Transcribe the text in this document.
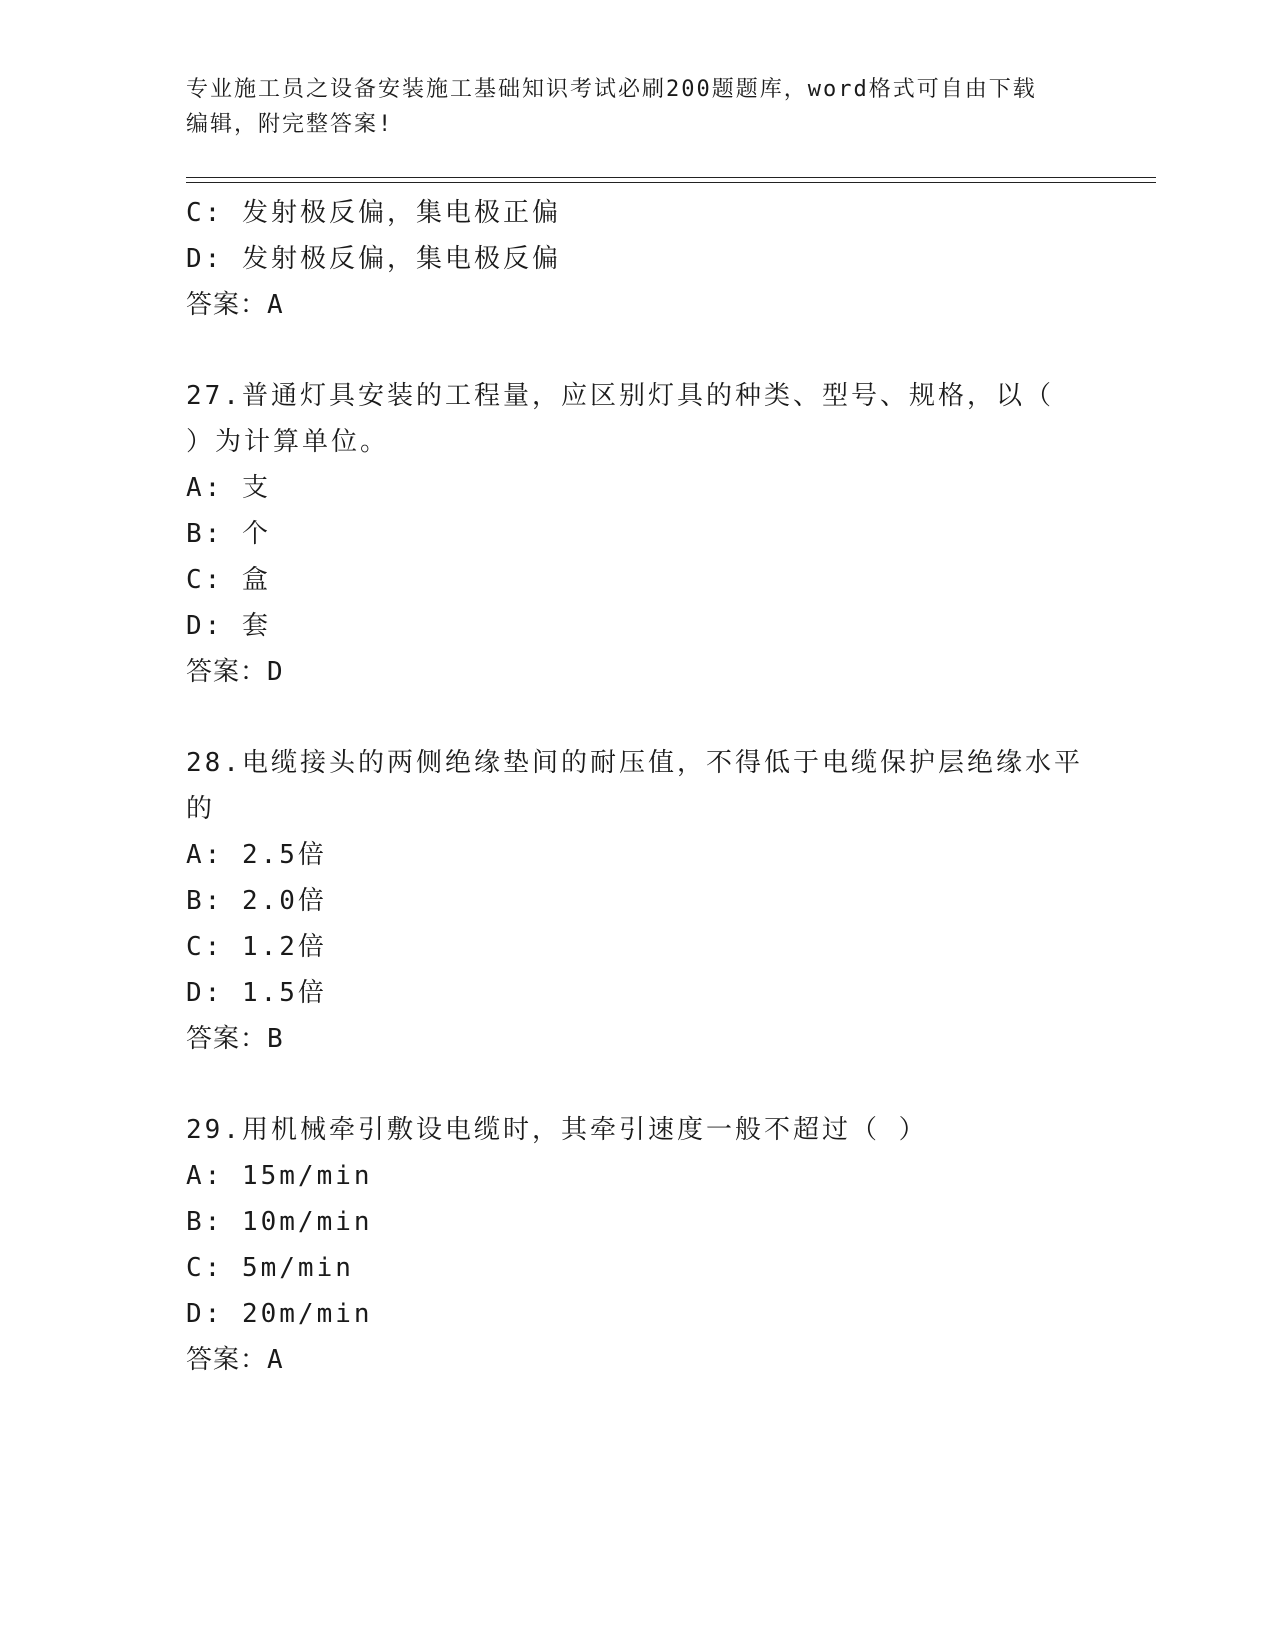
专业施工员之设备安装施工基础知识考试必刷200题题库，word格式可自由下载
编辑，附完整答案!
C: 发射极反偏，集电极正偏
D: 发射极反偏，集电极反偏
答案：A
27.普通灯具安装的工程量，应区别灯具的种类、型号、规格，以（
）为计算单位。
A: 支
B: 个
C: 盒
D: 套
答案：D
28.电缆接头的两侧绝缘垫间的耐压值，不得低于电缆保护层绝缘水平
的
A: 2.5倍
B: 2.0倍
C: 1.2倍
D: 1.5倍
答案：B
29.用机械牵引敷设电缆时，其牵引速度一般不超过（ ）
A: 15m/min
B: 10m/min
C: 5m/min
D: 20m/min
答案：A
